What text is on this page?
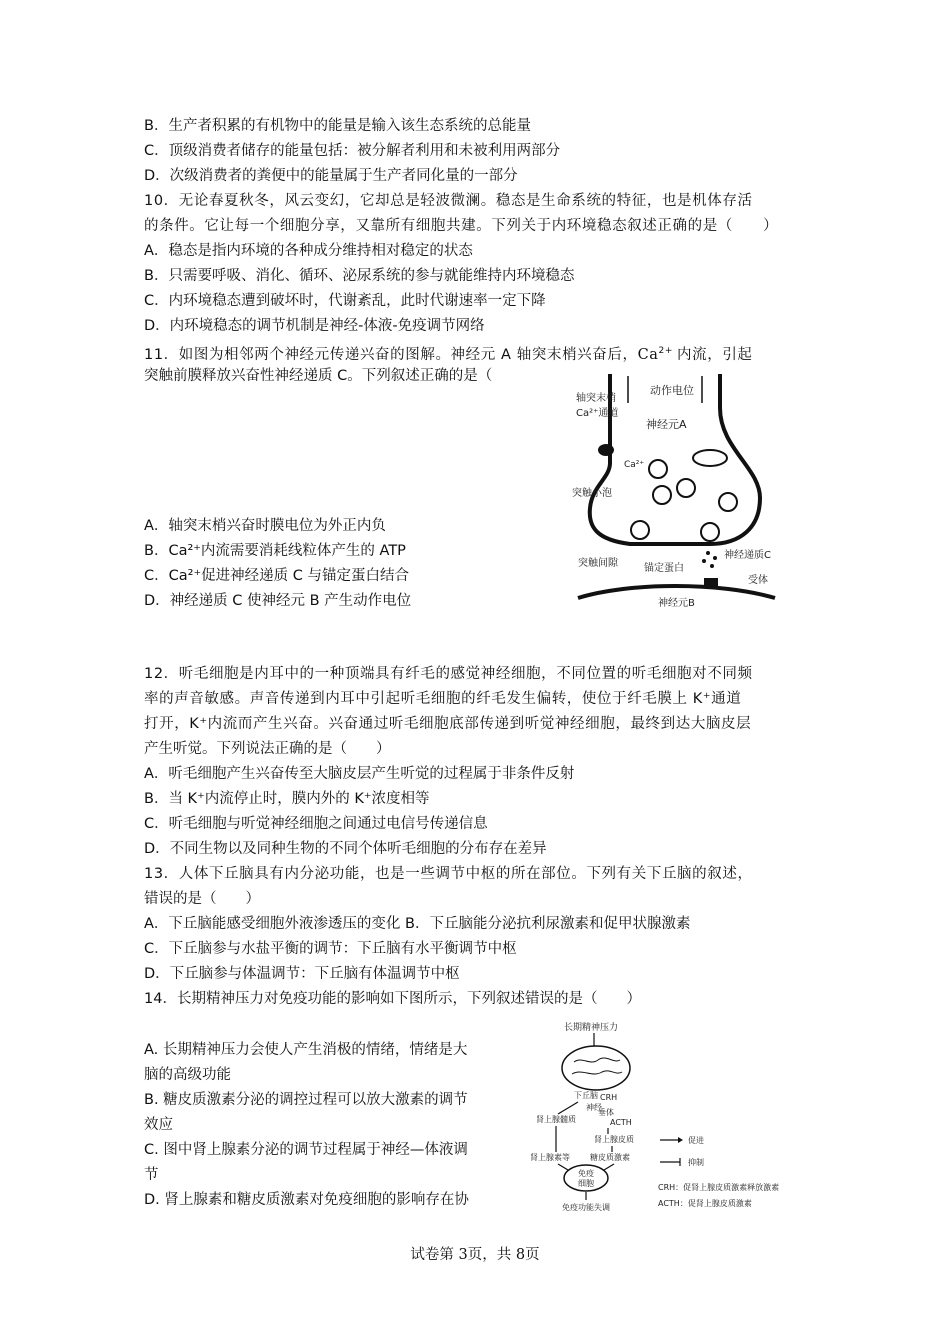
B．生产者积累的有机物中的能量是输入该生态系统的总能量
C．顶级消费者储存的能量包括：被分解者利用和未被利用两部分
D．次级消费者的粪便中的能量属于生产者同化量的一部分
10．无论春夏秋冬，风云变幻，它却总是轻波微澜。稳态是生命系统的特征，也是机体存活
的条件。它让每一个细胞分享，又靠所有细胞共建。下列关于内环境稳态叙述正确的是（　　）
A．稳态是指内环境的各种成分维持相对稳定的状态
B．只需要呼吸、消化、循环、泌尿系统的参与就能维持内环境稳态
C．内环境稳态遭到破坏时，代谢紊乱，此时代谢速率一定下降
D．内环境稳态的调节机制是神经-体液-免疫调节网络
11．如图为相邻两个神经元传递兴奋的图解。神经元 A 轴突末梢兴奋后，$Ca^{2+}$ 内流，引起
突触前膜释放兴奋性神经递质 C。下列叙述正确的是（
A．轴突末梢兴奋时膜电位为外正内负
B．Ca²⁺内流需要消耗线粒体产生的 ATP
C．Ca²⁺促进神经递质 C 与锚定蛋白结合
D．神经递质 C 使神经元 B 产生动作电位
动作电位
轴突末梢
Ca²⁺通道
神经元A
Ca²⁺
突触小泡
神经递质C
突触间隙	锚定蛋白
受体
神经元B
12．听毛细胞是内耳中的一种顶端具有纤毛的感觉神经细胞，不同位置的听毛细胞对不同频
率的声音敏感。声音传递到内耳中引起听毛细胞的纤毛发生偏转，使位于纤毛膜上 K⁺通道
打开，K⁺内流而产生兴奋。兴奋通过听毛细胞底部传递到听觉神经细胞，最终到达大脑皮层
产生听觉。下列说法正确的是（　　）
A．听毛细胞产生兴奋传至大脑皮层产生听觉的过程属于非条件反射
B．当 K⁺内流停止时，膜内外的 K⁺浓度相等
C．听毛细胞与听觉神经细胞之间通过电信号传递信息
D．不同生物以及同种生物的不同个体听毛细胞的分布存在差异
13．人体下丘脑具有内分泌功能，也是一些调节中枢的所在部位。下列有关下丘脑的叙述，
错误的是（　　）
A．下丘脑能感受细胞外液渗透压的变化 B．下丘脑能分泌抗利尿激素和促甲状腺激素
C．下丘脑参与水盐平衡的调节：下丘脑有水平衡调节中枢
D．下丘脑参与体温调节：下丘脑有体温调节中枢
14．长期精神压力对免疫功能的影响如下图所示，下列叙述错误的是（　　）
A. 长期精神压力会使人产生消极的情绪，情绪是大
脑的高级功能
B. 糖皮质激素分泌的调控过程可以放大激素的调节
效应
C. 图中肾上腺素分泌的调节过程属于神经—体液调
节
D. 肾上腺素和糖皮质激素对免疫细胞的影响存在协
长期精神压力
下丘脑
神经
CRH
垂体
ACTH
肾上腺髓质
肾上腺皮质
肾上腺素等	糖皮质激素
免疫
细胞
免疫功能失调
促进
抑制
CRH：促肾上腺皮质激素释放激素
ACTH：促肾上腺皮质激素
试卷第 3页，共 8页
